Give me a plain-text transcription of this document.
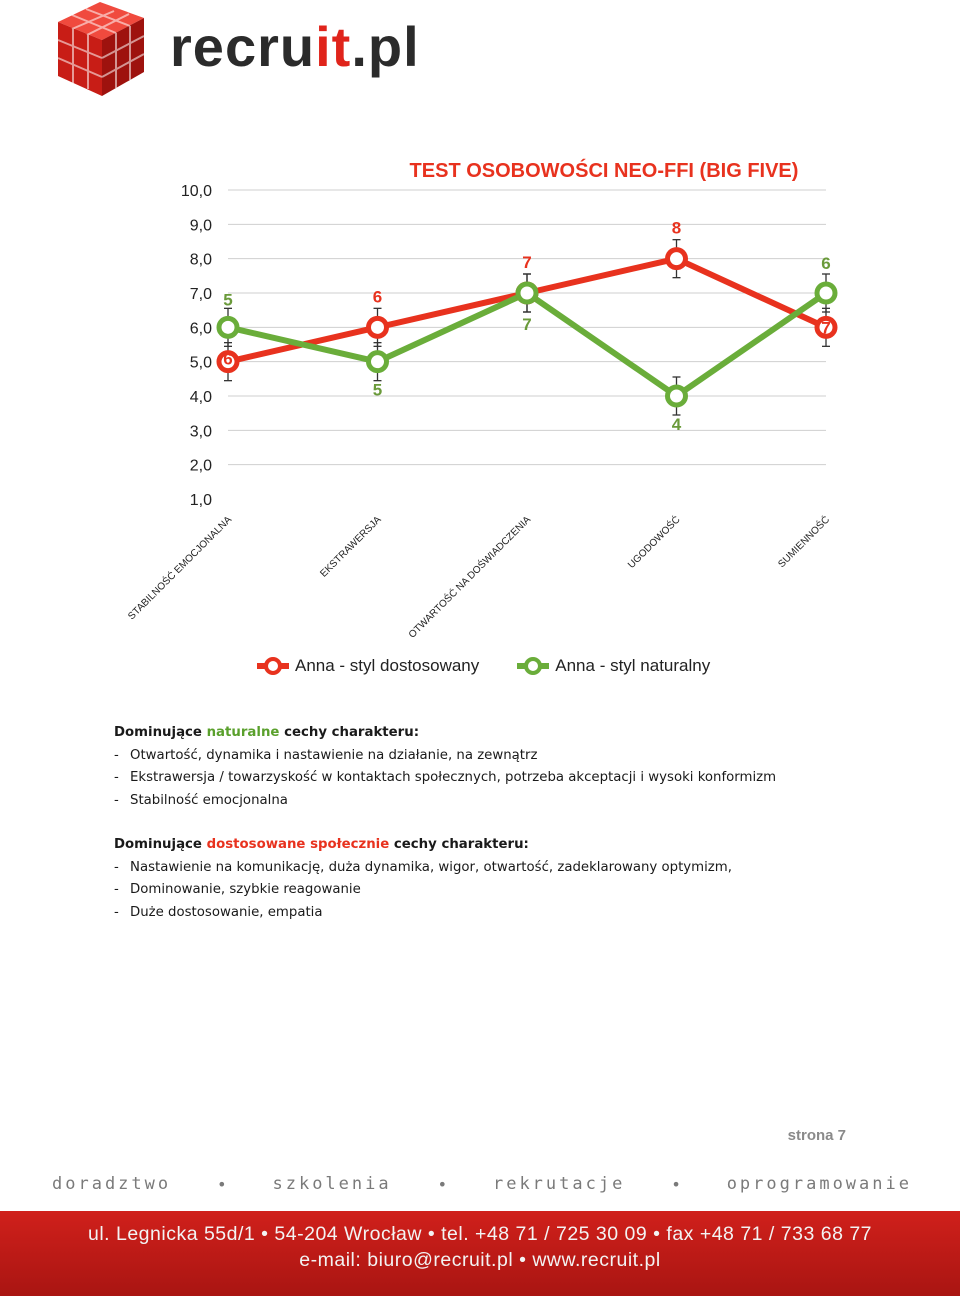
recruit.pl
TEST OSOBOWOŚCI NEO-FFI (BIG FIVE)
10,0
9,0
8,0
7,0
6,0
5,0
4,0
3,0
2,0
1,0
STABILNOŚĆ EMOCJONALNA	EKSTRAWERSJA OTWARTOŚĆ NA DOŚWIADCZENIA	UGODOWOŚĆ	SUMIENNOŚĆ
6
6
7
8
7
5
5
7
4
6
Anna - styl dostosowany	Anna - styl naturalny
Dominujące naturalne cechy charakteru:
- Otwartość, dynamika i nastawienie na działanie, na zewnątrz
- Ekstrawersja / towarzyskość w kontaktach społecznych, potrzeba akceptacji i wysoki konformizm
- Stabilność emocjonalna
Dominujące dostosowane społecznie cechy charakteru:
- Nastawienie na komunikację, duża dynamika, wigor, otwartość, zadeklarowany optymizm,
- Dominowanie, szybkie reagowanie
- Duże dostosowanie, empatia
strona 7
doradztwo	•	szkolenia	•	rekrutacje	•	oprogramowanie
ul. Legnicka 55d/1 • 54-204 Wrocław • tel. +48 71 / 725 30 09 • fax +48 71 / 733 68 77
e-mail: biuro@recruit.pl • www.recruit.pl
